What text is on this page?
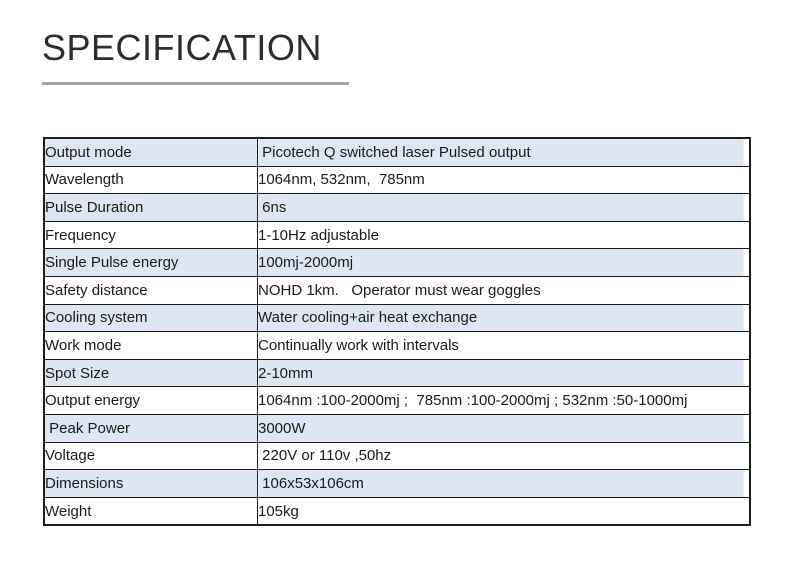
SPECIFICATION
Output mode	Picotech Q switched laser Pulsed output
Wavelength	1064nm, 532nm,  785nm
Pulse Duration	6ns
Frequency	1-10Hz adjustable
Single Pulse energy	100mj-2000mj
Safety distance	NOHD 1km.   Operator must wear goggles
Cooling system	Water cooling+air heat exchange
Work mode	Continually work with intervals
Spot Size	2-10mm
Output energy	1064nm :100-2000mj ;  785nm :100-2000mj ; 532nm :50-1000mj
Peak Power	3000W
Voltage	220V or 110v ,50hz
Dimensions	106x53x106cm
Weight	105kg
